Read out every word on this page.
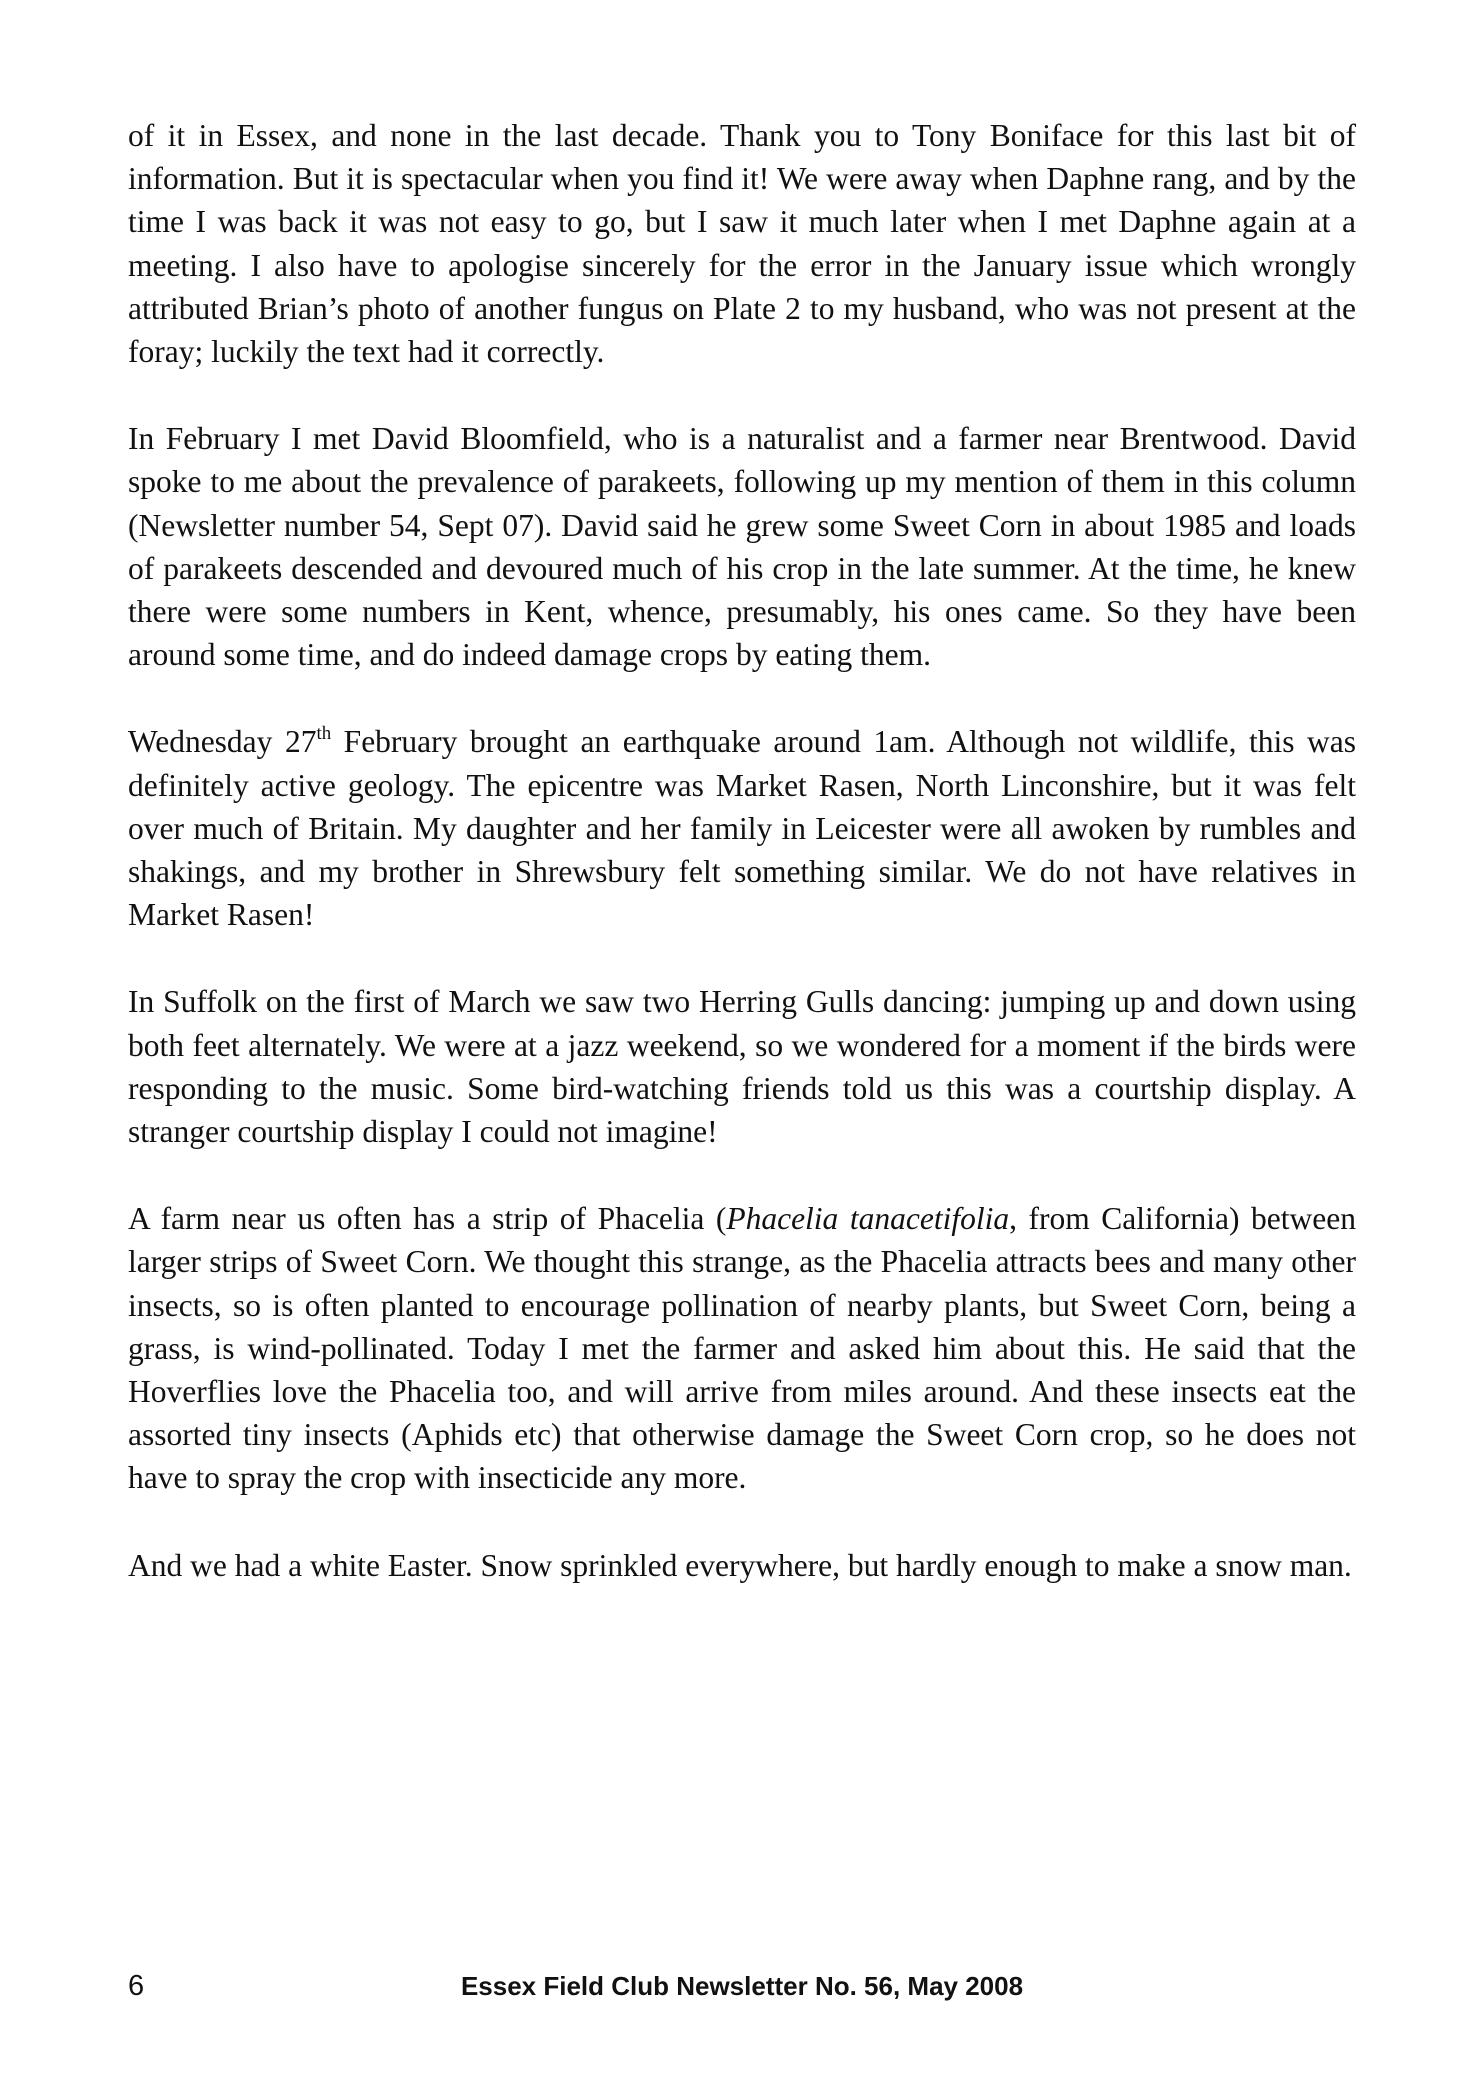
of it in Essex, and none in the last decade. Thank you to Tony Boniface for this last bit of information. But it is spectacular when you find it! We were away when Daphne rang, and by the time I was back it was not easy to go, but I saw it much later when I met Daphne again at a meeting. I also have to apologise sincerely for the error in the January issue which wrongly attributed Brian’s photo of another fungus on Plate 2 to my husband, who was not present at the foray; luckily the text had it correctly.

In February I met David Bloomfield, who is a naturalist and a farmer near Brentwood. David spoke to me about the prevalence of parakeets, following up my mention of them in this column (Newsletter number 54, Sept 07). David said he grew some Sweet Corn in about 1985 and loads of parakeets descended and devoured much of his crop in the late summer. At the time, he knew there were some numbers in Kent, whence, presumably, his ones came. So they have been around some time, and do indeed damage crops by eating them.

Wednesday 27th February brought an earthquake around 1am. Although not wildlife, this was definitely active geology. The epicentre was Market Rasen, North Linconshire, but it was felt over much of Britain. My daughter and her family in Leicester were all awoken by rumbles and shakings, and my brother in Shrewsbury felt something similar. We do not have relatives in Market Rasen!

In Suffolk on the first of March we saw two Herring Gulls dancing: jumping up and down using both feet alternately. We were at a jazz weekend, so we wondered for a moment if the birds were responding to the music. Some bird-watching friends told us this was a courtship display. A stranger courtship display I could not imagine!

A farm near us often has a strip of Phacelia (Phacelia tanacetifolia, from California) between larger strips of Sweet Corn. We thought this strange, as the Phacelia attracts bees and many other insects, so is often planted to encourage pollination of nearby plants, but Sweet Corn, being a grass, is wind-pollinated. Today I met the farmer and asked him about this. He said that the Hoverflies love the Phacelia too, and will arrive from miles around. And these insects eat the assorted tiny insects (Aphids etc) that otherwise damage the Sweet Corn crop, so he does not have to spray the crop with insecticide any more.

And we had a white Easter. Snow sprinkled everywhere, but hardly enough to make a snow man.

6	Essex Field Club Newsletter No. 56, May 2008
